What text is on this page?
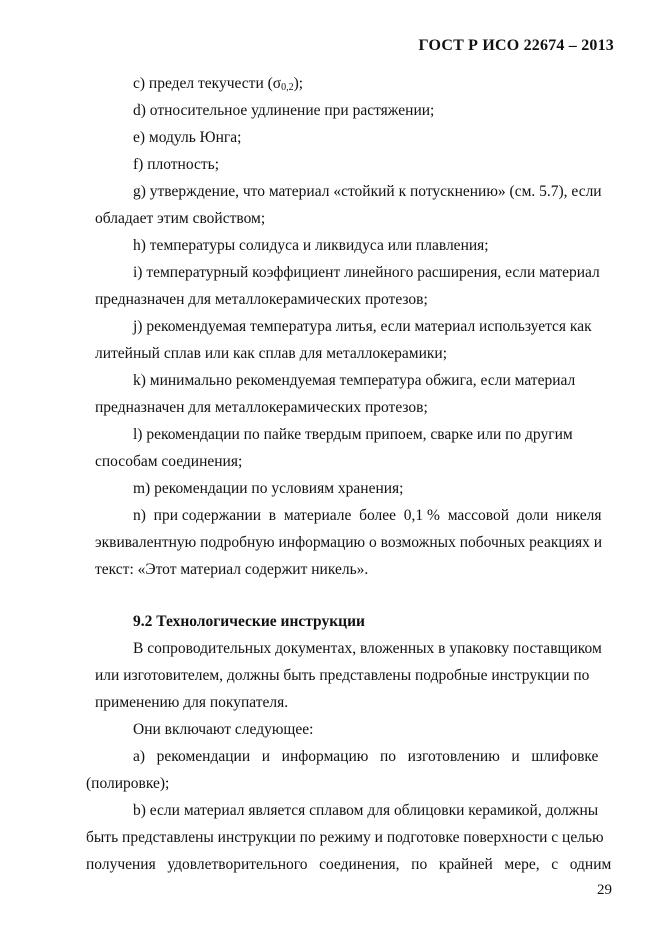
ГОСТ Р ИСО 22674 – 2013
c) предел текучести $(\sigma_{0,2})$;
d) относительное удлинение при растяжении;
e) модуль Юнга;
f) плотность;
g) утверждение, что материал «стойкий к потускнению» (см. 5.7), если
обладает этим свойством;
h) температуры солидуса и ликвидуса или плавления;
i) температурный коэффициент линейного расширения, если материал
предназначен для металлокерамических протезов;
j) рекомендуемая температура литья, если материал используется как
литейный сплав или как сплав для металлокерамики;
k) минимально рекомендуемая температура обжига, если материал
предназначен для металлокерамических протезов;
l) рекомендации по пайке твердым припоем, сварке или по другим
способам соединения;
m) рекомендации по условиям хранения;
n)  при содержании  в  материале  более  0,1 %  массовой  доли  никеля
эквивалентную подробную информацию о возможных побочных реакциях и
текст: «Этот материал содержит никель».
9.2 Технологические инструкции
В сопроводительных документах, вложенных в упаковку поставщиком
или изготовителем, должны быть представлены подробные инструкции по
применению для покупателя.
Они включают следующее:
а)   рекомендации   и   информацию   по   изготовлению   и   шлифовке
(полировке);
b) если материал является сплавом для облицовки керамикой, должны
быть представлены инструкции по режиму и подготовке поверхности с целью
получения   удовлетворительного   соединения,   по   крайней   мере,   с   одним
29
